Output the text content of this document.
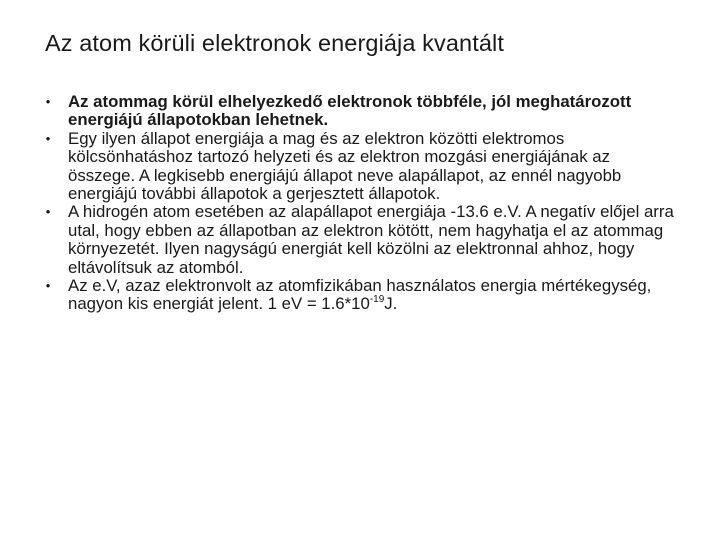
Az atom körüli elektronok energiája kvantált
•	Az atommag körül elhelyezkedő elektronok többféle, jól meghatározott energiájú állapotokban lehetnek.
•	Egy ilyen állapot energiája a mag és az elektron közötti elektromos kölcsönhatáshoz tartozó helyzeti és az elektron mozgási energiájának az összege. A legkisebb energiájú állapot neve alapállapot, az ennél nagyobb energiájú további állapotok a gerjesztett állapotok.
•	A hidrogén atom esetében az alapállapot energiája -13.6 e.V. A negatív előjel arra utal, hogy ebben az állapotban az elektron kötött, nem hagyhatja el az atommag környezetét. Ilyen nagyságú energiát kell közölni az elektronnal ahhoz, hogy eltávolítsuk az atomból.
•	Az e.V, azaz elektronvolt az atomfizikában használatos energia mértékegység, nagyon kis energiát jelent. 1 eV = $1.6*10^{-19}J$.
